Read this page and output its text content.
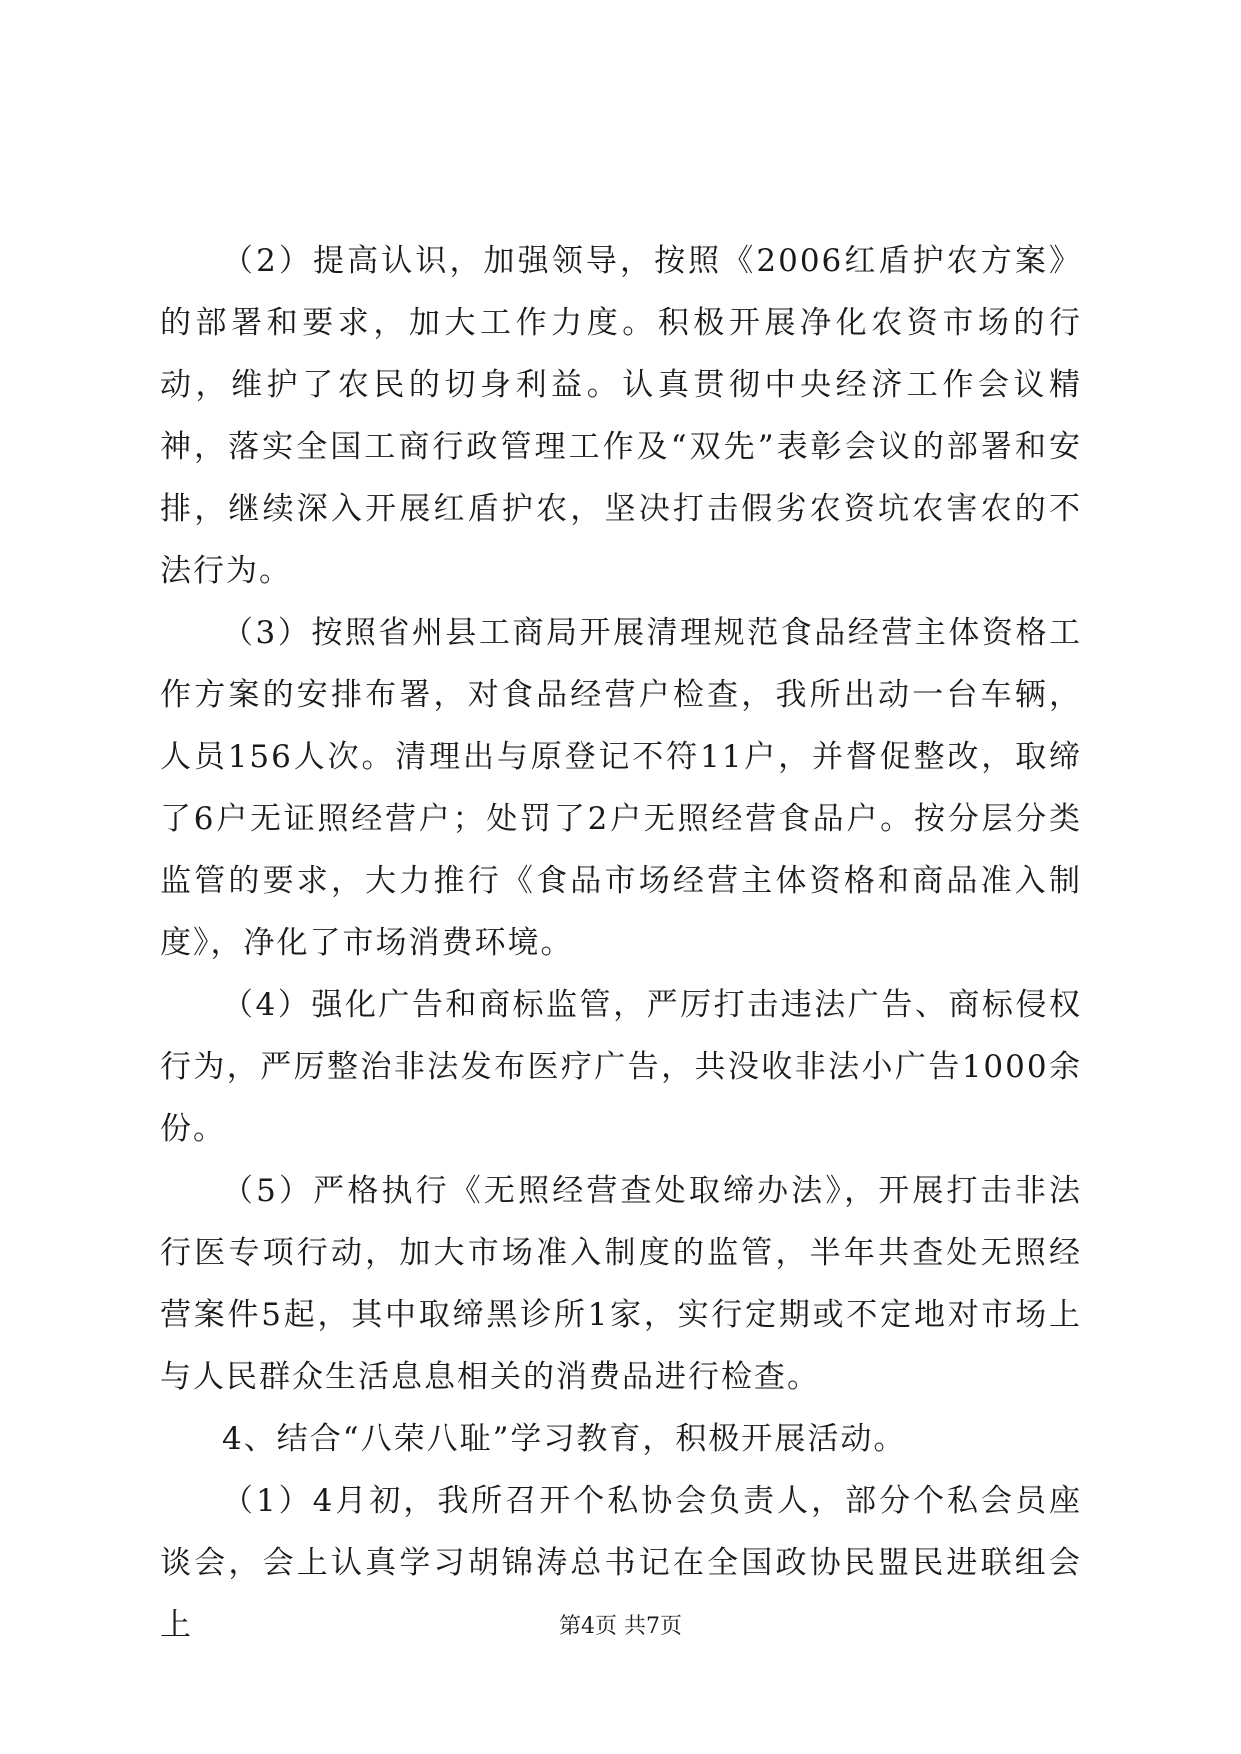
（2）提高认识，加强领导，按照《2006红盾护农方案》的部署和要求，加大工作力度。积极开展净化农资市场的行动，维护了农民的切身利益。认真贯彻中央经济工作会议精神，落实全国工商行政管理工作及“双先”表彰会议的部署和安排，继续深入开展红盾护农，坚决打击假劣农资坑农害农的不法行为。

（3）按照省州县工商局开展清理规范食品经营主体资格工作方案的安排布署，对食品经营户检查，我所出动一台车辆，人员156人次。清理出与原登记不符11户，并督促整改，取缔了6户无证照经营户；处罚了2户无照经营食品户。按分层分类监管的要求，大力推行《食品市场经营主体资格和商品准入制度》，净化了市场消费环境。

（4）强化广告和商标监管，严厉打击违法广告、商标侵权行为，严厉整治非法发布医疗广告，共没收非法小广告1000余份。

（5）严格执行《无照经营查处取缔办法》，开展打击非法行医专项行动，加大市场准入制度的监管，半年共查处无照经营案件5起，其中取缔黑诊所1家，实行定期或不定地对市场上与人民群众生活息息相关的消费品进行检查。

4、结合“八荣八耻”学习教育，积极开展活动。

（1）4月初，我所召开个私协会负责人，部分个私会员座谈会，会上认真学习胡锦涛总书记在全国政协民盟民进联组会上	第4页 共7页
